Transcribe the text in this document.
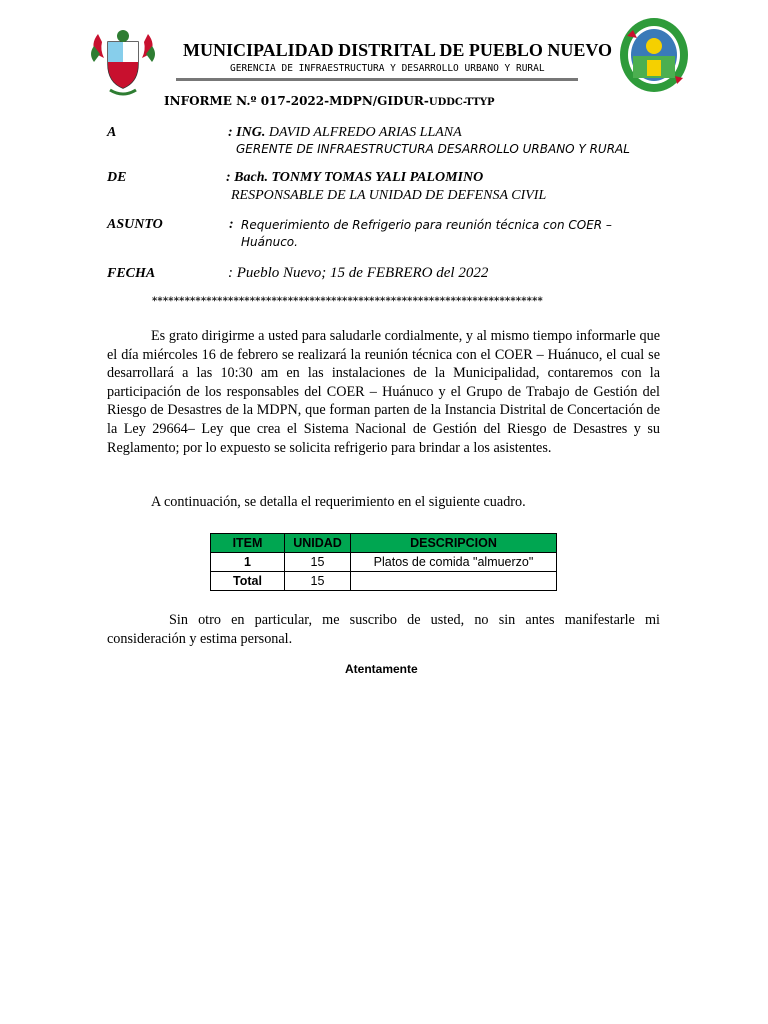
MUNICIPALIDAD DISTRITAL DE PUEBLO NUEVO
GERENCIA DE INFRAESTRUCTURA Y DESARROLLO URBANO Y RURAL
INFORME N.º 017-2022-MDPN/GIDUR-UDDC-TTYP
A	: ING. DAVID ALFREDO ARIAS LLANA
GERENTE DE INFRAESTRUCTURA DESARROLLO URBANO Y RURAL
DE	: Bach. TONMY TOMAS YALI PALOMINO
RESPONSABLE DE LA UNIDAD DE DEFENSA CIVIL
ASUNTO	: Requerimiento de Refrigerio para reunión técnica con COER –
Huánuco.
FECHA	: Pueblo Nuevo; 15 de FEBRERO del 2022
************************************************************************
Es grato dirigirme a usted para saludarle cordialmente, y al mismo tiempo informarle que el día miércoles 16 de febrero se realizará la reunión técnica con el COER – Huánuco, el cual se desarrollará a las 10:30 am en las instalaciones de la Municipalidad, contaremos con la participación de los responsables del COER – Huánuco y el Grupo de Trabajo de Gestión del Riesgo de Desastres de la MDPN, que forman parten de la Instancia Distrital de Concertación de la Ley 29664– Ley que crea el Sistema Nacional de Gestión del Riesgo de Desastres y su Reglamento; por lo expuesto se solicita refrigerio para brindar a los asistentes.
A continuación, se detalla el requerimiento en el siguiente cuadro.
ITEM	UNIDAD	DESCRIPCION
1	15	Platos de comida "almuerzo"
Total	15	
Sin otro en particular, me suscribo de usted, no sin antes manifestarle mi consideración y estima personal.
Atentamente
